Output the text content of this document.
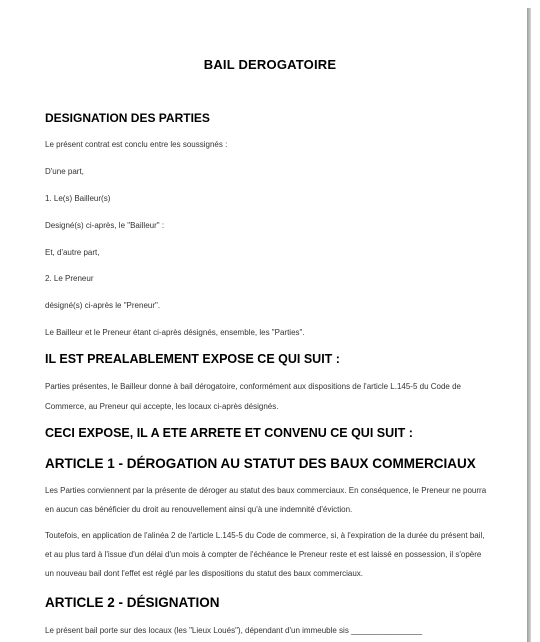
BAIL DEROGATOIRE
DESIGNATION DES PARTIES
Le présent contrat est conclu entre les soussignés :
D'une part,
1. Le(s) Bailleur(s)
Designé(s) ci-après, le "Bailleur" :
Et, d'autre part,
2. Le Preneur
désigné(s) ci-après le "Preneur".
Le Bailleur et le Preneur étant ci-après désignés, ensemble, les "Parties".
IL EST PREALABLEMENT EXPOSE CE QUI SUIT :
Parties présentes, le Bailleur donne à bail dérogatoire, conformément aux dispositions de l'article L.145-5 du Code de
Commerce, au Preneur qui accepte, les locaux ci-après désignés.
CECI EXPOSE, IL A ETE ARRETE ET CONVENU CE QUI SUIT :
ARTICLE 1 - DÉROGATION AU STATUT DES BAUX COMMERCIAUX
Les Parties conviennent par la présente de déroger au statut des baux commerciaux. En conséquence, le Preneur ne pourra
en aucun cas bénéficier du droit au renouvellement ainsi qu'à une indemnité d'éviction.
Toutefois, en application de l'alinéa 2 de l'article L.145-5 du Code de commerce, si, à l'expiration de la durée du présent bail,
et au plus tard à l'issue d'un délai d'un mois à compter de l'échéance le Preneur reste et est laissé en possession, il s'opère
un nouveau bail dont l'effet est réglé par les dispositions du statut des baux commerciaux.
ARTICLE 2 - DÉSIGNATION
Le présent bail porte sur des locaux (les "Lieux Loués"), dépendant d'un immeuble sis ________________
